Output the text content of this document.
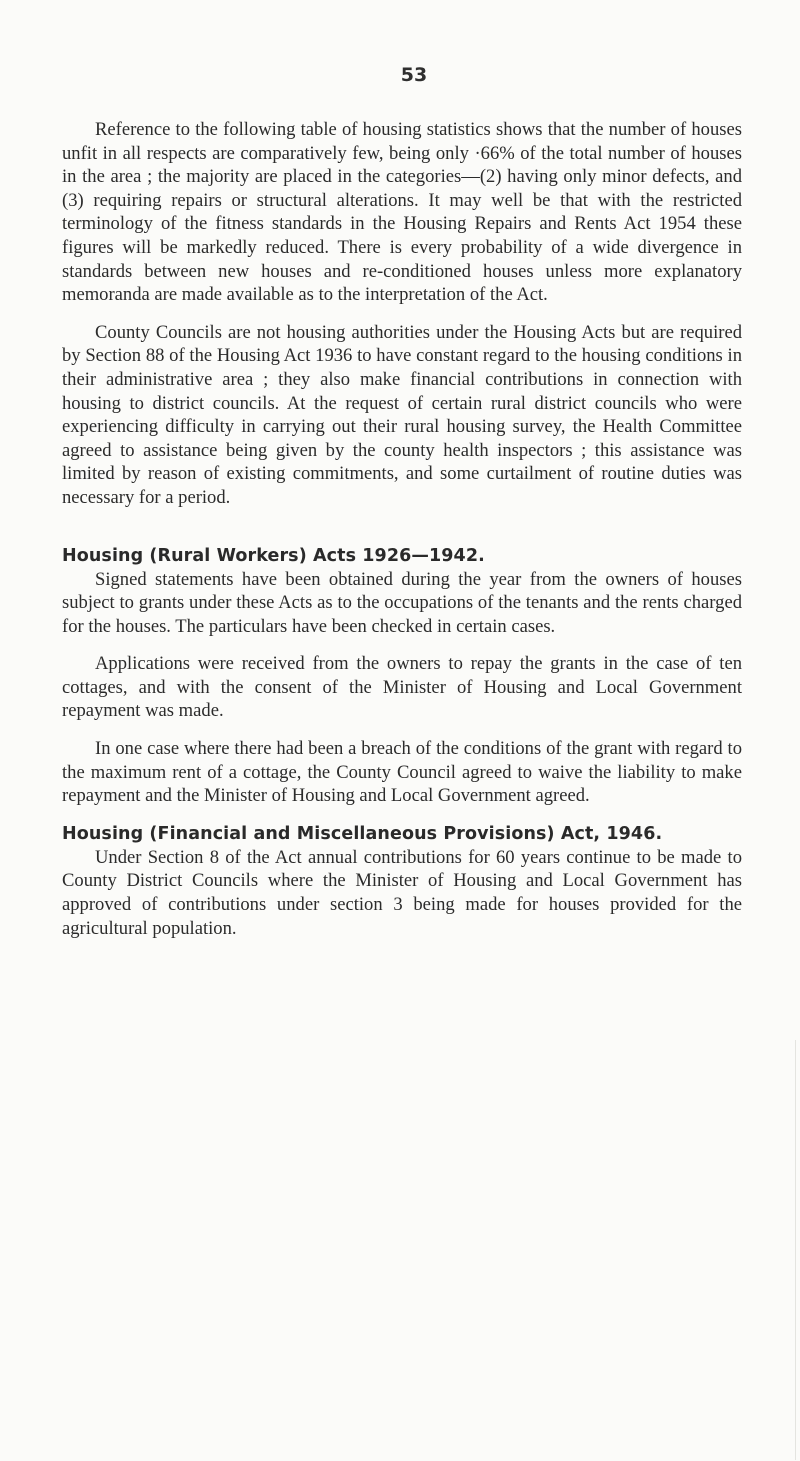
53

Reference to the following table of housing statistics shows that the number of houses unfit in all respects are comparatively few, being only ·66% of the total number of houses in the area ; the majority are placed in the categories—(2) having only minor defects, and (3) requiring repairs or structural alterations. It may well be that with the restricted terminology of the fitness standards in the Housing Repairs and Rents Act 1954 these figures will be markedly reduced. There is every probability of a wide divergence in standards between new houses and re-conditioned houses unless more explanatory memoranda are made available as to the interpretation of the Act.

County Councils are not housing authorities under the Housing Acts but are required by Section 88 of the Housing Act 1936 to have constant regard to the housing conditions in their administrative area ; they also make financial contributions in connection with housing to district councils. At the request of certain rural district councils who were experiencing difficulty in carrying out their rural housing survey, the Health Committee agreed to assistance being given by the county health inspectors ; this assistance was limited by reason of existing commitments, and some curtailment of routine duties was necessary for a period.

Housing (Rural Workers) Acts 1926—1942.

Signed statements have been obtained during the year from the owners of houses subject to grants under these Acts as to the occupations of the tenants and the rents charged for the houses. The particulars have been checked in certain cases.

Applications were received from the owners to repay the grants in the case of ten cottages, and with the consent of the Minister of Housing and Local Government repayment was made.

In one case where there had been a breach of the conditions of the grant with regard to the maximum rent of a cottage, the County Council agreed to waive the liability to make repayment and the Minister of Housing and Local Government agreed.

Housing (Financial and Miscellaneous Provisions) Act, 1946.

Under Section 8 of the Act annual contributions for 60 years continue to be made to County District Councils where the Minister of Housing and Local Government has approved of contributions under section 3 being made for houses provided for the agricultural population.
